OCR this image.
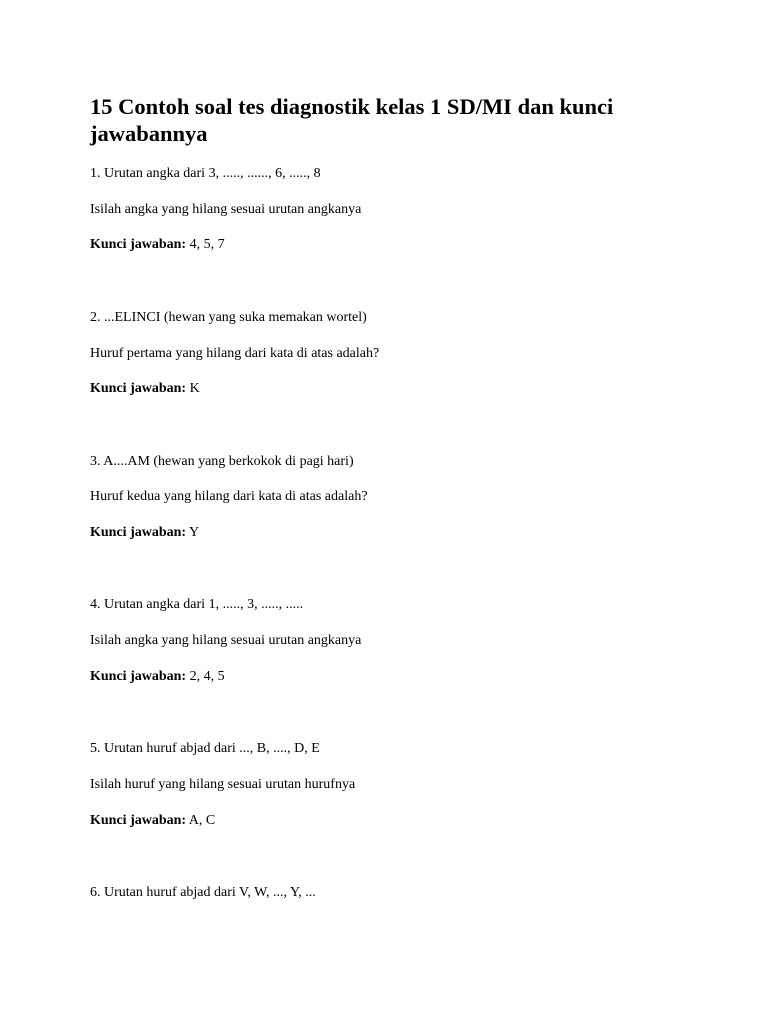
15 Contoh soal tes diagnostik kelas 1 SD/MI dan kunci jawabannya

1. Urutan angka dari 3, ....., ......, 6, ....., 8

Isilah angka yang hilang sesuai urutan angkanya

Kunci jawaban: 4, 5, 7

2. ...ELINCI (hewan yang suka memakan wortel)

Huruf pertama yang hilang dari kata di atas adalah?

Kunci jawaban: K

3. A....AM (hewan yang berkokok di pagi hari)

Huruf kedua yang hilang dari kata di atas adalah?

Kunci jawaban: Y

4. Urutan angka dari 1, ....., 3, ....., .....

Isilah angka yang hilang sesuai urutan angkanya

Kunci jawaban: 2, 4, 5

5. Urutan huruf abjad dari ..., B, ...., D, E

Isilah huruf yang hilang sesuai urutan hurufnya

Kunci jawaban: A, C

6. Urutan huruf abjad dari V, W, ..., Y, ...
